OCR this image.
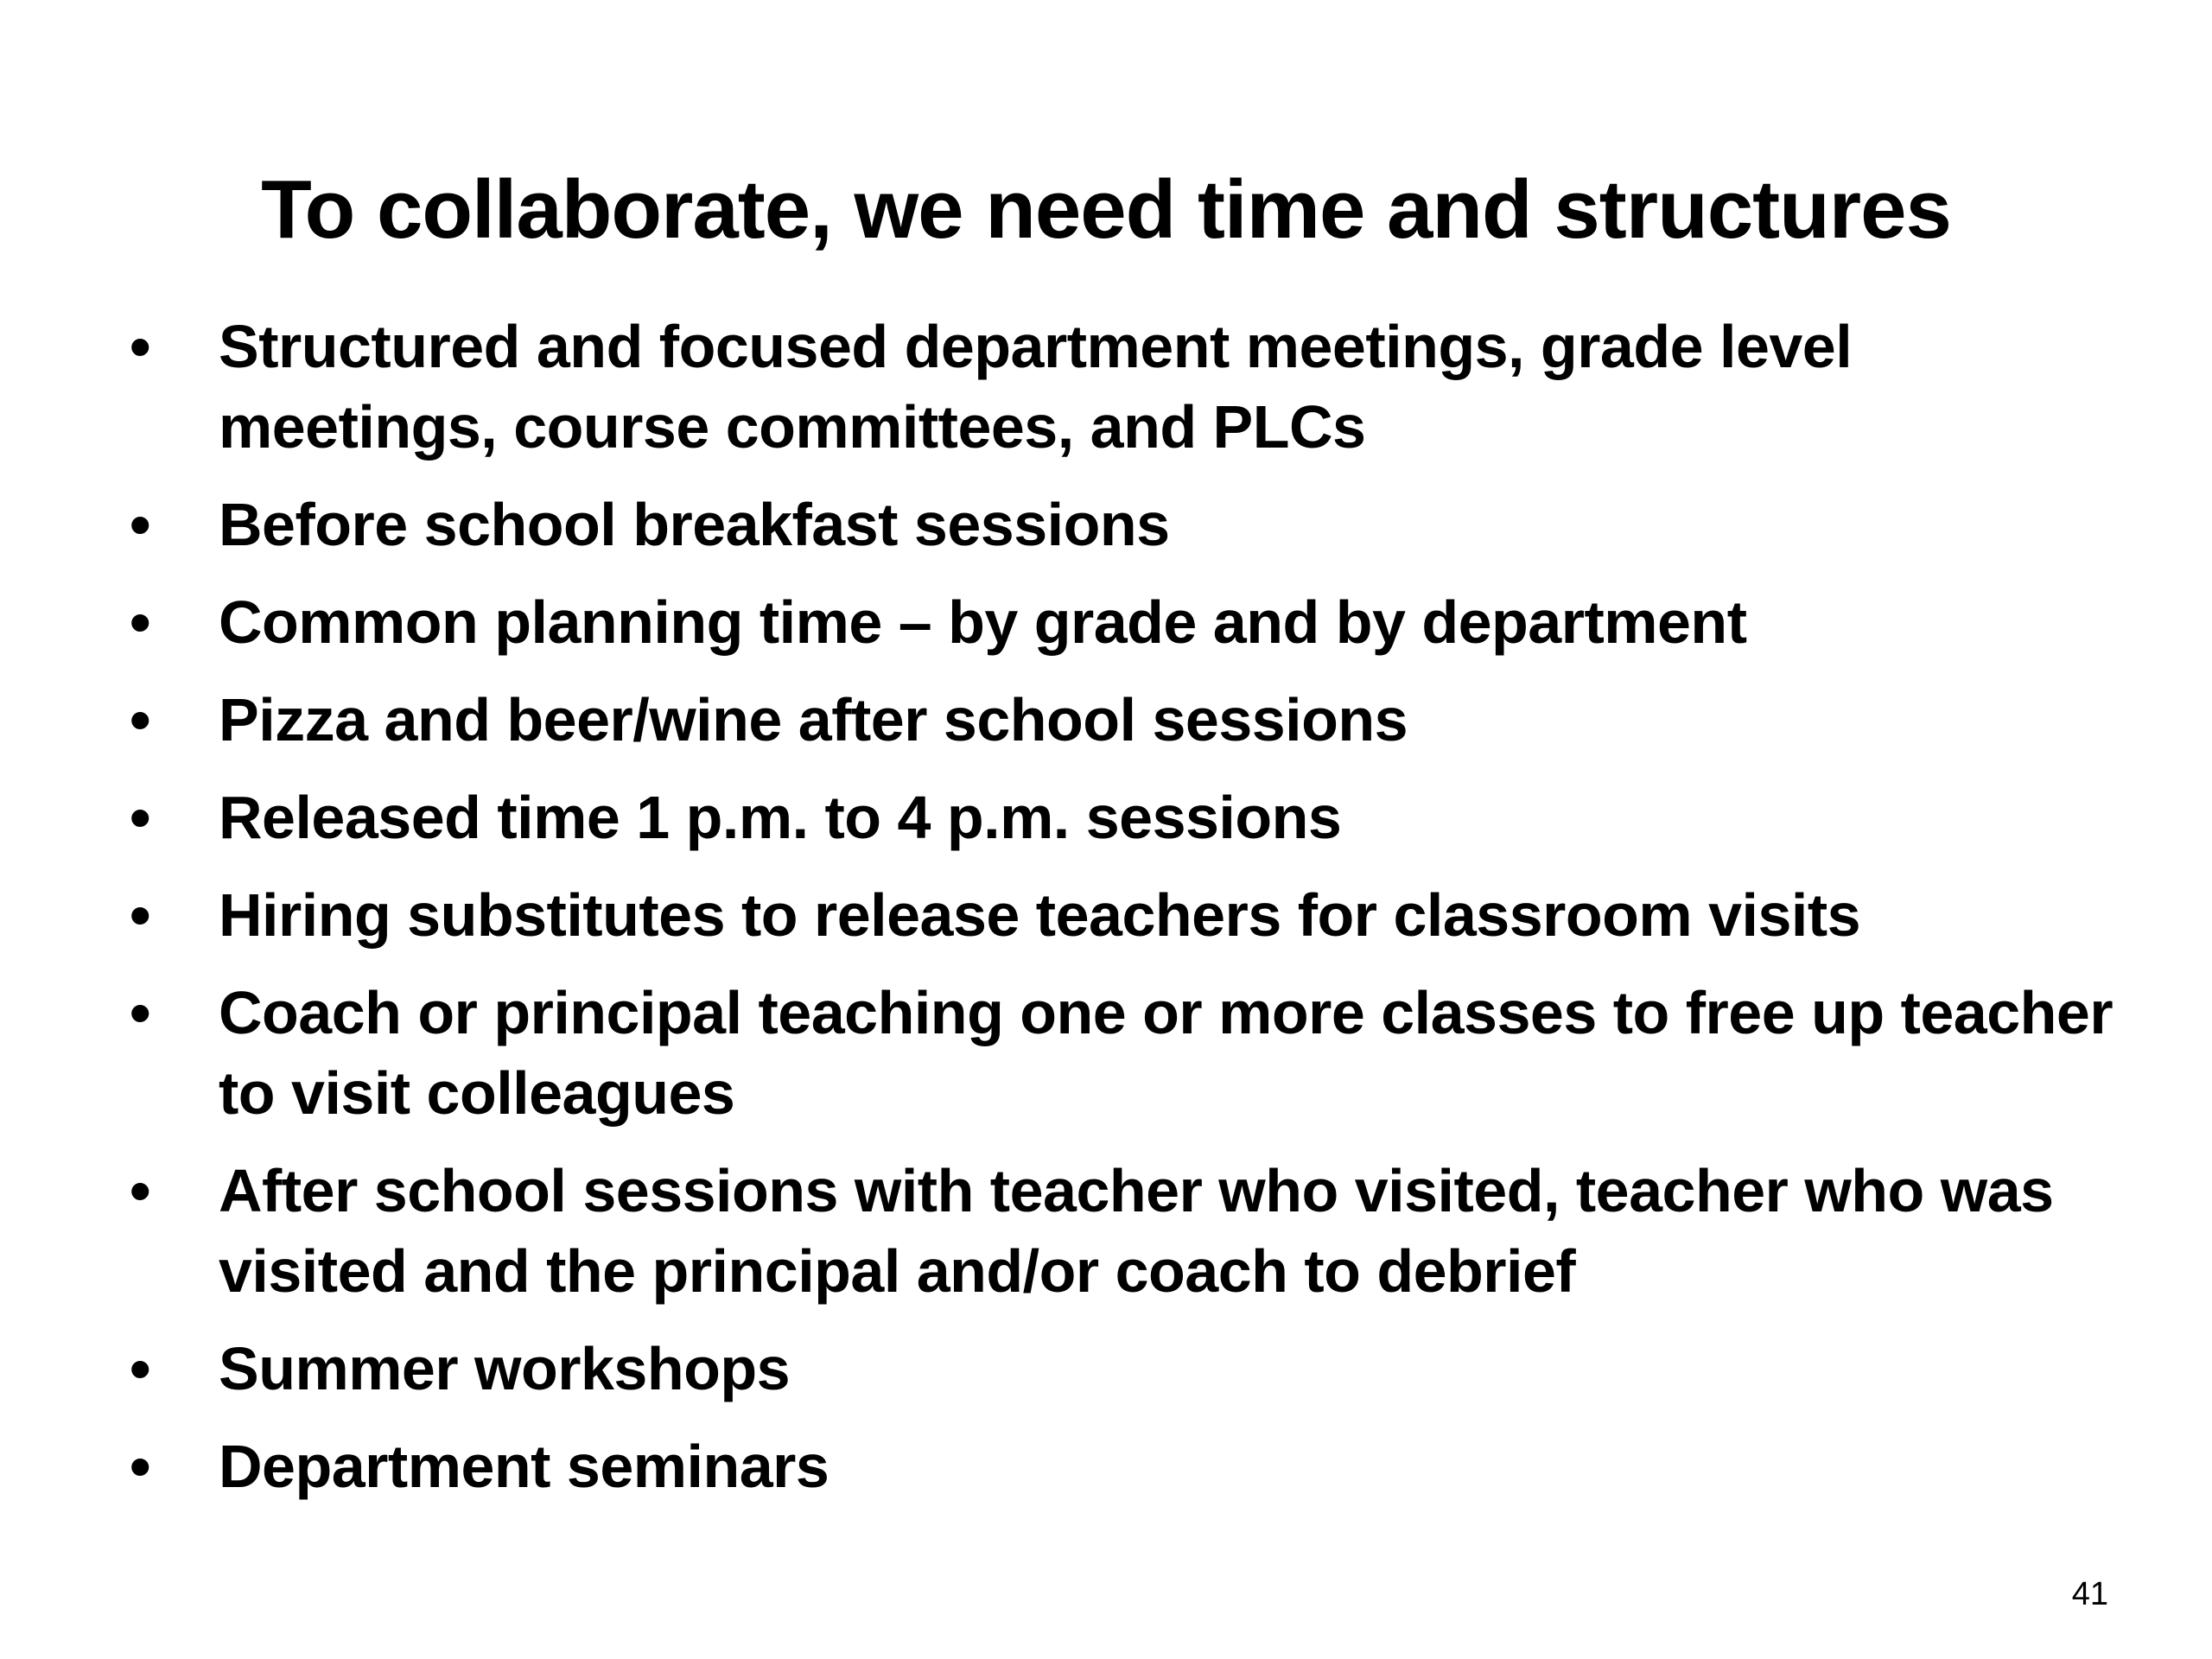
To collaborate, we need time and structures
• Structured and focused department meetings, grade level meetings, course committees, and PLCs
• Before school breakfast sessions
• Common planning time – by grade and by department
• Pizza and beer/wine after school sessions
• Released time 1 p.m. to 4 p.m. sessions
• Hiring substitutes to release teachers for classroom visits
• Coach or principal teaching one or more classes to free up teacher to visit colleagues
• After school sessions with teacher who visited, teacher who was visited and the principal and/or coach to debrief
• Summer workshops
• Department seminars
41
